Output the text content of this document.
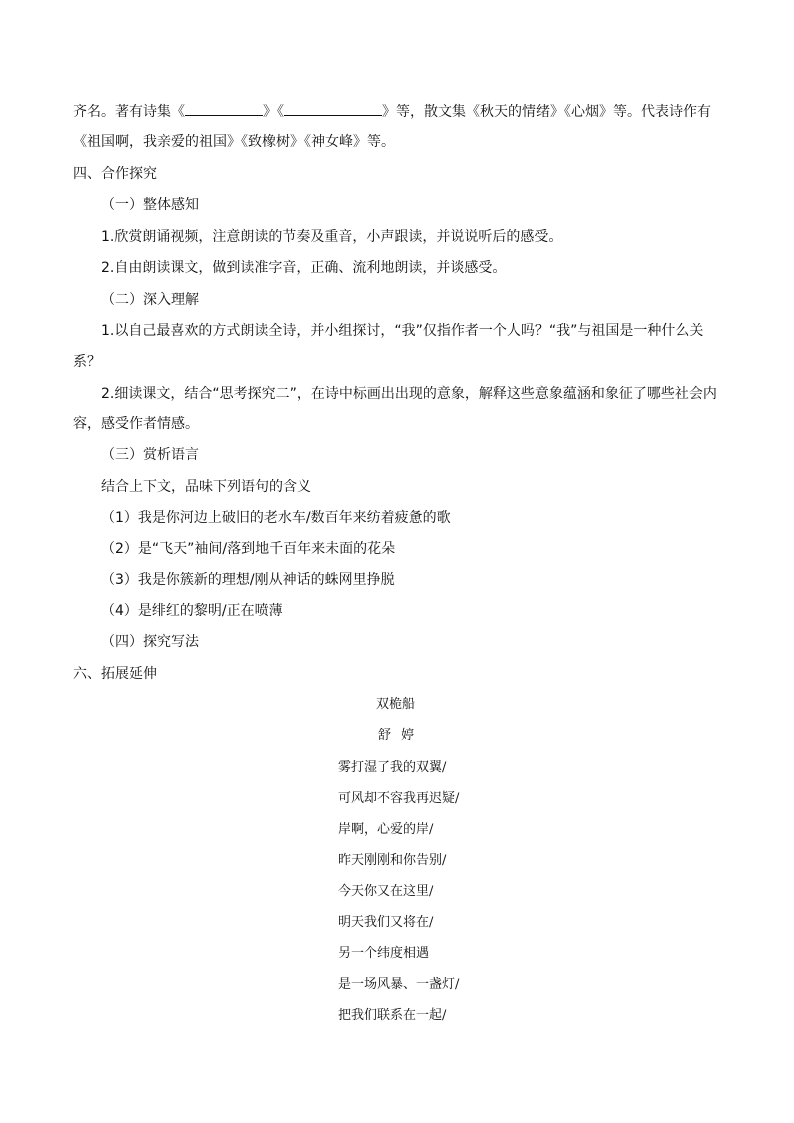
齐名。著有诗集《	》《	》等，散文集《秋天的情绪》《心烟》等。代表诗作有
《祖国啊，我亲爱的祖国》《致橡树》《神女峰》等。
四、合作探究
（一）整体感知
1.欣赏朗诵视频，注意朗读的节奏及重音，小声跟读，并说说听后的感受。
2.自由朗读课文，做到读准字音，正确、流利地朗读，并谈感受。
（二）深入理解
1.以自己最喜欢的方式朗读全诗，并小组探讨，“我”仅指作者一个人吗？“我”与祖国是一种什么关
系？
2.细读课文，结合“思考探究二”，在诗中标画出出现的意象，解释这些意象蕴涵和象征了哪些社会内
容，感受作者情感。
（三）赏析语言
结合上下文，品味下列语句的含义
（1）我是你河边上破旧的老水车/数百年来纺着疲惫的歌
（2）是“飞天”袖间/落到地千百年来未面的花朵
（3）我是你簇新的理想/刚从神话的蛛网里挣脱
（4）是绯红的黎明/正在喷薄
（四）探究写法
六、拓展延伸
双桅船
舒 婷
雾打湿了我的双翼/
可风却不容我再迟疑/
岸啊，心爱的岸/
昨天刚刚和你告别/
今天你又在这里/
明天我们又将在/
另一个纬度相遇
是一场风暴、一盏灯/
把我们联系在一起/
